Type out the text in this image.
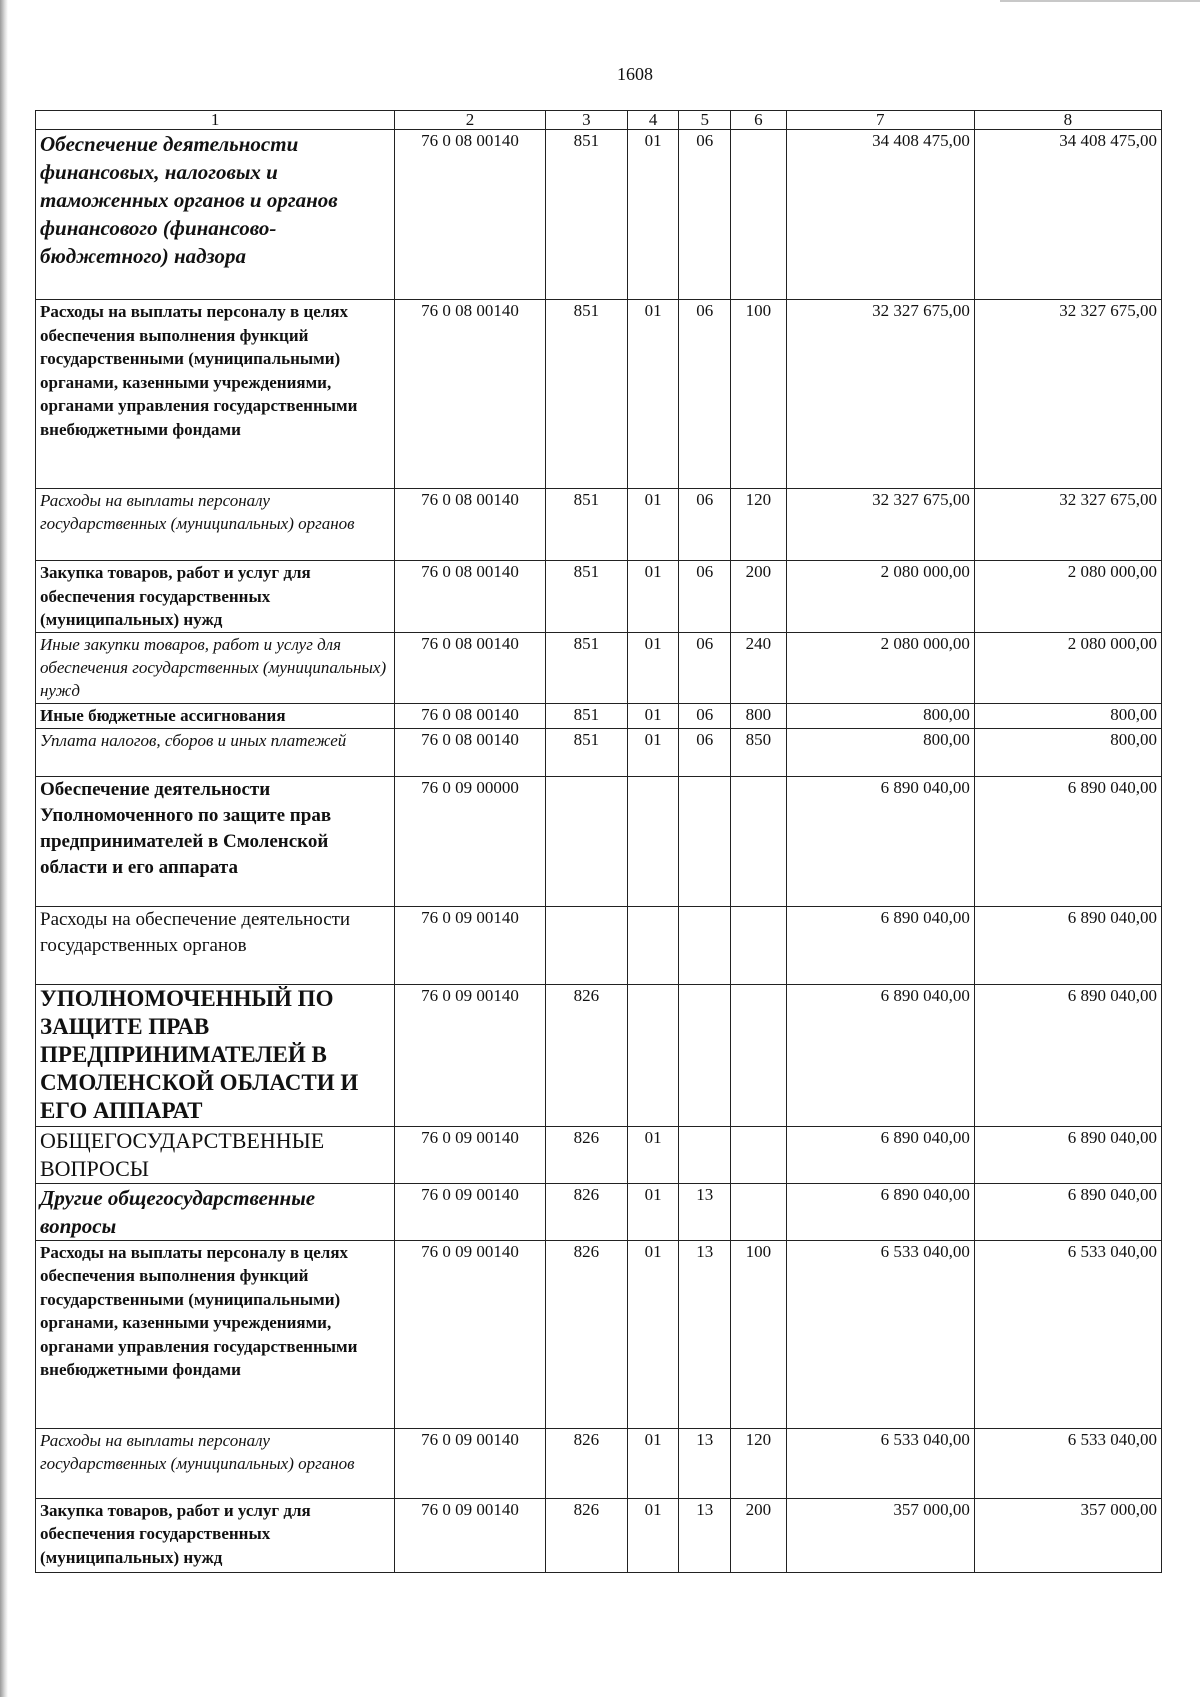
1608
1	2	3	4	5	6	7	8
Обеспечение деятельности финансовых, налоговых и таможенных органов и органов финансового (финансово-бюджетного) надзора	76 0 08 00140	851	01	06		34 408 475,00	34 408 475,00
Расходы на выплаты персоналу в целях обеспечения выполнения функций государственными (муниципальными) органами, казенными учреждениями, органами управления государственными внебюджетными фондами	76 0 08 00140	851	01	06	100	32 327 675,00	32 327 675,00
Расходы на выплаты персоналу государственных (муниципальных) органов	76 0 08 00140	851	01	06	120	32 327 675,00	32 327 675,00
Закупка товаров, работ и услуг для обеспечения государственных (муниципальных) нужд	76 0 08 00140	851	01	06	200	2 080 000,00	2 080 000,00
Иные закупки товаров, работ и услуг для обеспечения государственных (муниципальных) нужд	76 0 08 00140	851	01	06	240	2 080 000,00	2 080 000,00
Иные бюджетные ассигнования	76 0 08 00140	851	01	06	800	800,00	800,00
Уплата налогов, сборов и иных платежей	76 0 08 00140	851	01	06	850	800,00	800,00
Обеспечение деятельности Уполномоченного по защите прав предпринимателей в Смоленской области и его аппарата	76 0 09 00000					6 890 040,00	6 890 040,00
Расходы на обеспечение деятельности государственных органов	76 0 09 00140					6 890 040,00	6 890 040,00
УПОЛНОМОЧЕННЫЙ ПО ЗАЩИТЕ ПРАВ ПРЕДПРИНИМАТЕЛЕЙ В СМОЛЕНСКОЙ ОБЛАСТИ И ЕГО АППАРАТ	76 0 09 00140	826				6 890 040,00	6 890 040,00
ОБЩЕГОСУДАРСТВЕННЫЕ ВОПРОСЫ	76 0 09 00140	826	01			6 890 040,00	6 890 040,00
Другие общегосударственные вопросы	76 0 09 00140	826	01	13		6 890 040,00	6 890 040,00
Расходы на выплаты персоналу в целях обеспечения выполнения функций государственными (муниципальными) органами, казенными учреждениями, органами управления государственными внебюджетными фондами	76 0 09 00140	826	01	13	100	6 533 040,00	6 533 040,00
Расходы на выплаты персоналу государственных (муниципальных) органов	76 0 09 00140	826	01	13	120	6 533 040,00	6 533 040,00
Закупка товаров, работ и услуг для обеспечения государственных (муниципальных) нужд	76 0 09 00140	826	01	13	200	357 000,00	357 000,00
